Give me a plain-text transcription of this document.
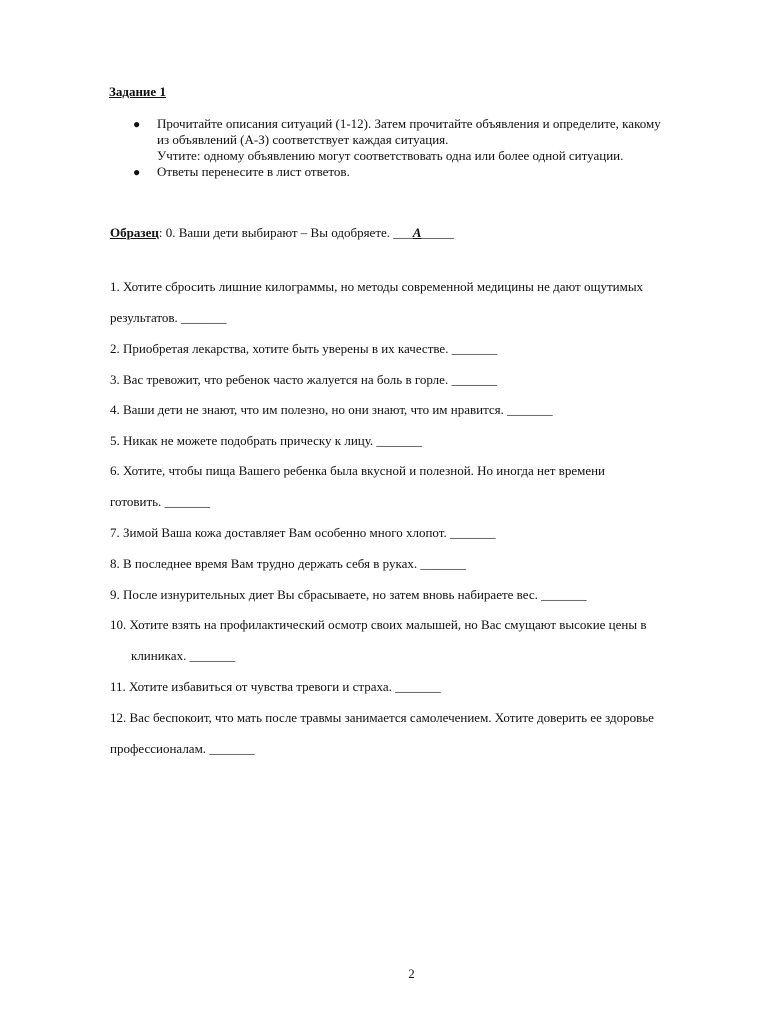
Задание 1
● Прочитайте описания ситуаций (1-12). Затем прочитайте объявления и определите, какому
из объявлений (А-З) соответствует каждая ситуация.
Учтите: одному объявлению могут соответствовать одна или более одной ситуации.
● Ответы перенесите в лист ответов.
Образец: 0. Ваши дети выбирают – Вы одобряете. ___А_____
1. Хотите сбросить лишние килограммы, но методы современной медицины не дают ощутимых
результатов. _______
2. Приобретая лекарства, хотите быть уверены в их качестве. _______
3. Вас тревожит, что ребенок часто жалуется на боль в горле. _______
4. Ваши дети не знают, что им полезно, но они знают, что им нравится. _______
5. Никак не можете подобрать прическу к лицу. _______
6. Хотите, чтобы пища Вашего ребенка была вкусной и полезной. Но иногда нет времени
готовить. _______
7. Зимой Ваша кожа доставляет Вам особенно много хлопот. _______
8. В последнее время Вам трудно держать себя в руках. _______
9. После изнурительных диет Вы сбрасываете, но затем вновь набираете вес. _______
10. Хотите взять на профилактический осмотр своих малышей, но Вас смущают высокие цены в
клиниках. _______
11. Хотите избавиться от чувства тревоги и страха. _______
12. Вас беспокоит, что мать после травмы занимается самолечением. Хотите доверить ее здоровье
профессионалам. _______
2
